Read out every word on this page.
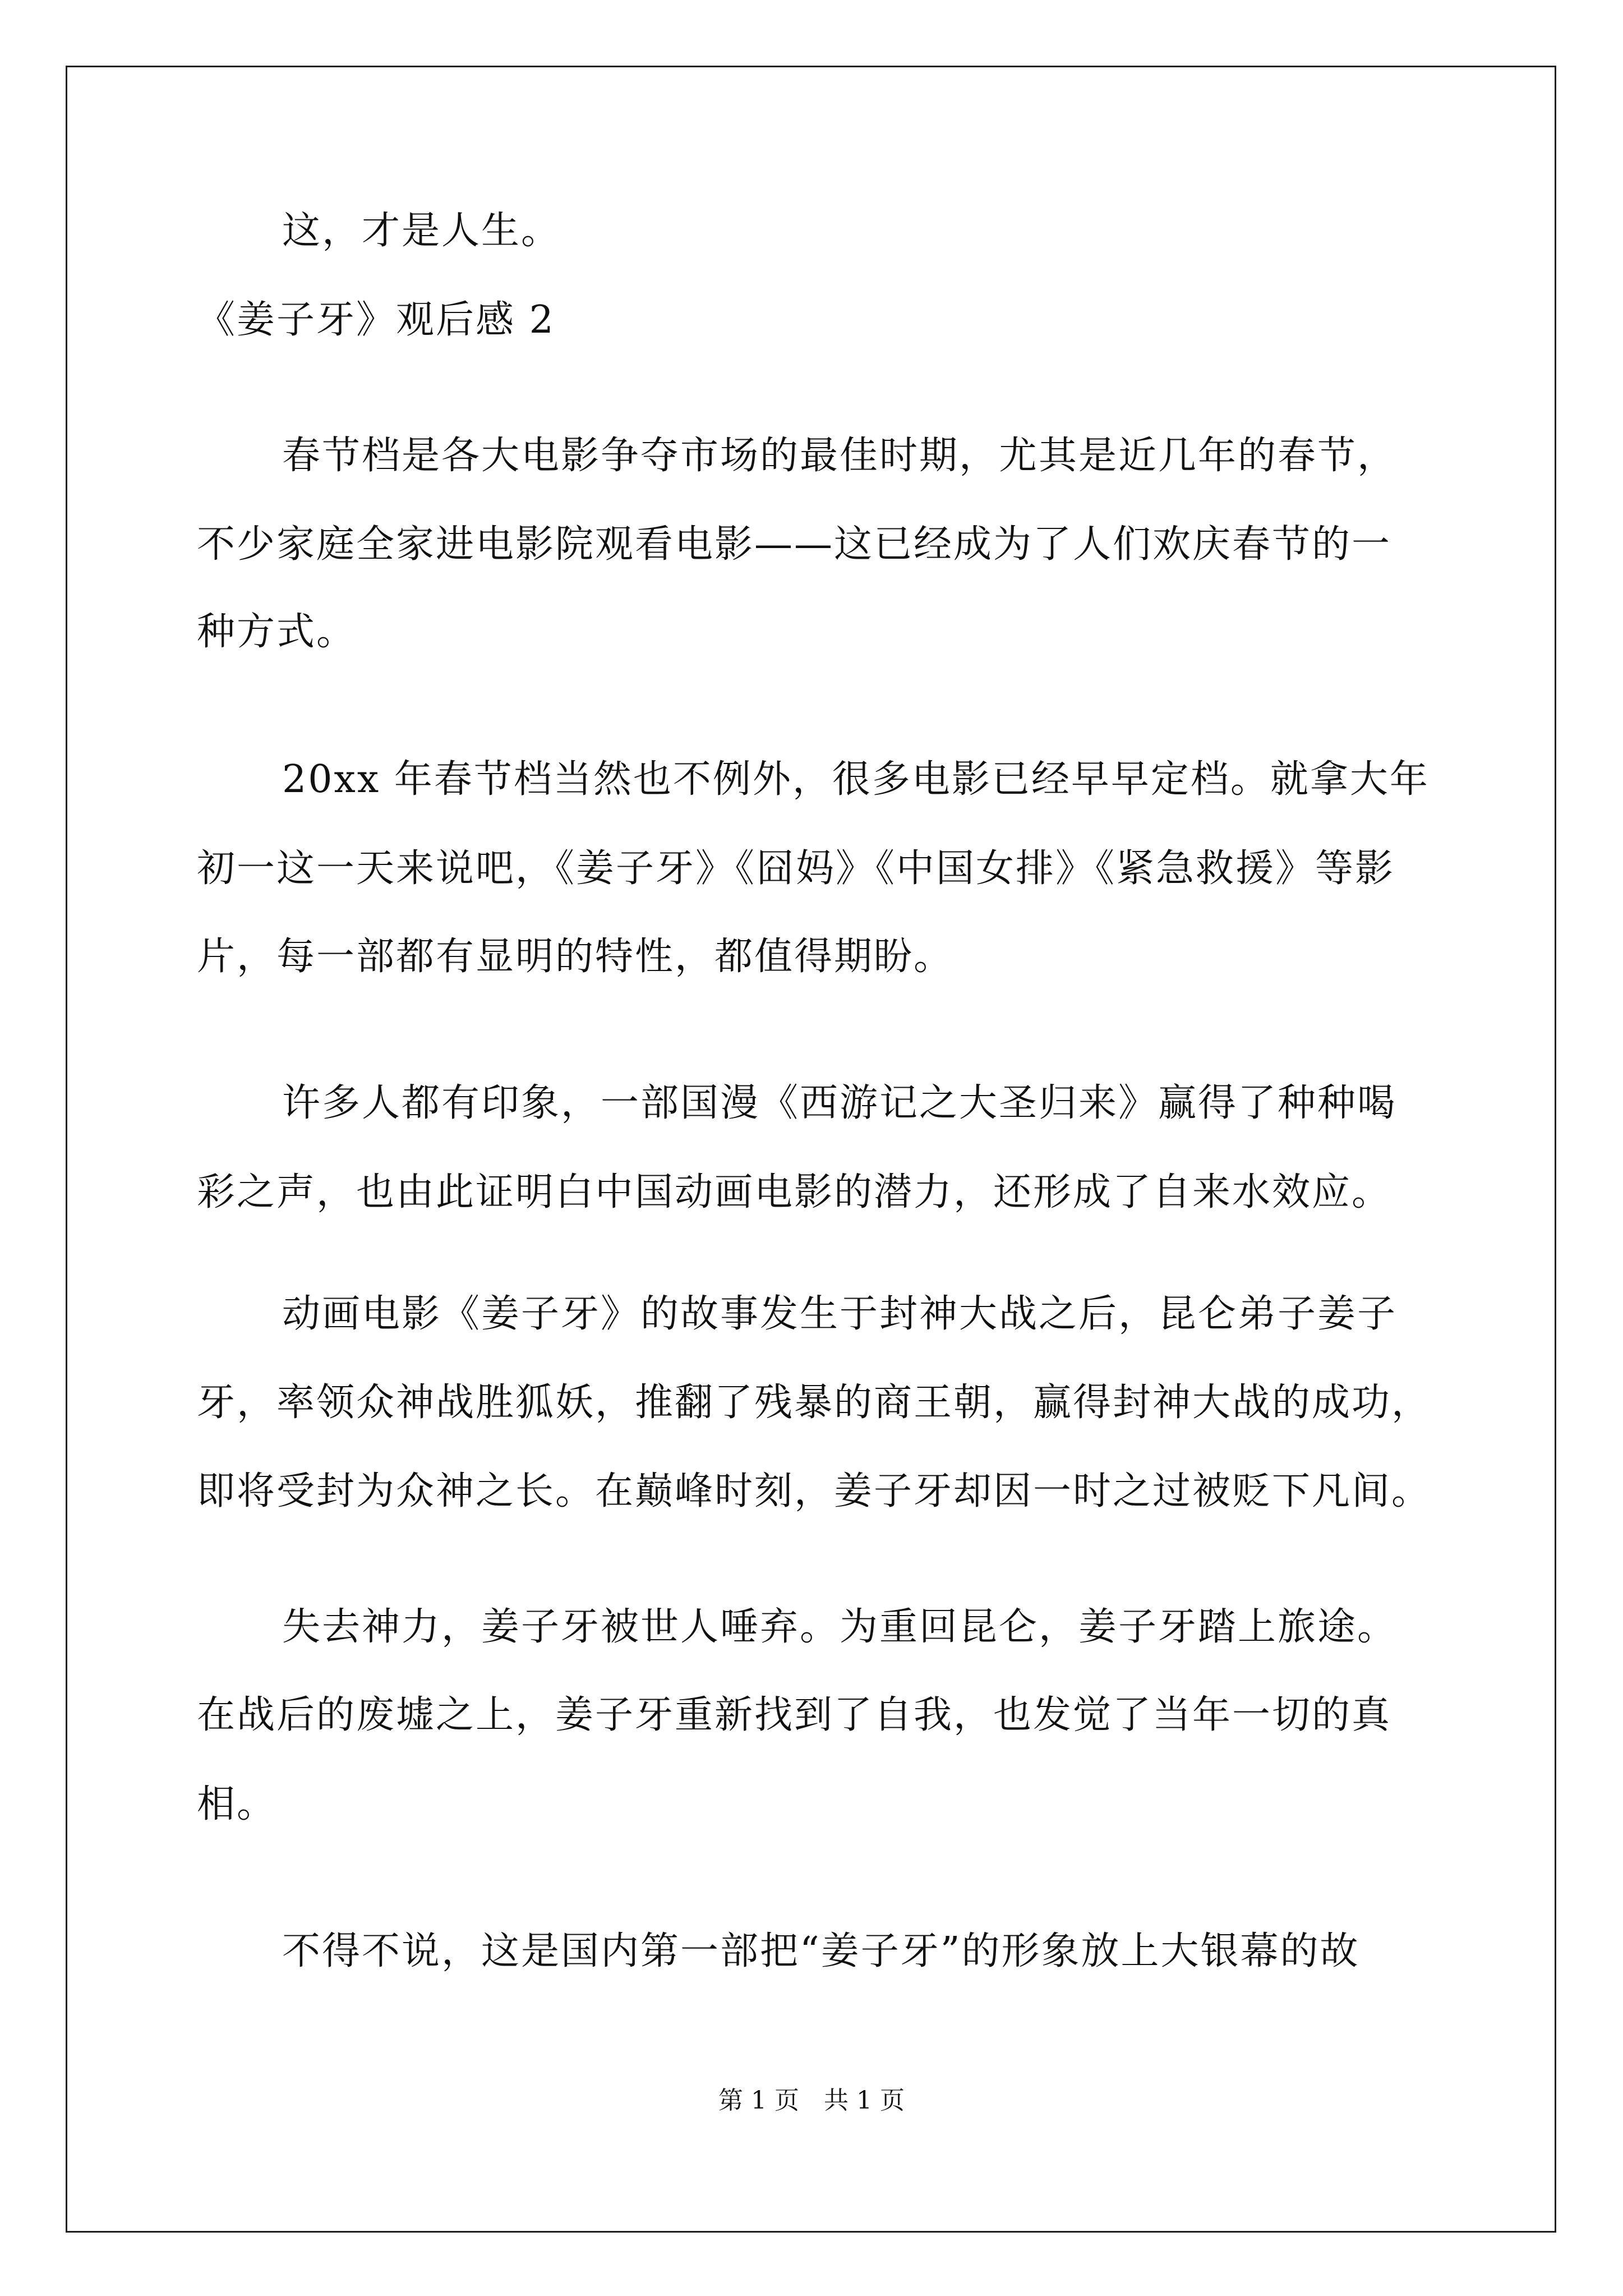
这，才是人生。
《姜子牙》观后感 2
春节档是各大电影争夺市场的最佳时期，尤其是近几年的春节，
不少家庭全家进电影院观看电影——这已经成为了人们欢庆春节的一
种方式。
20xx 年春节档当然也不例外，很多电影已经早早定档。就拿大年
初一这一天来说吧，《姜子牙》《囧妈》《中国女排》《紧急救援》等影
片，每一部都有显明的特性，都值得期盼。
许多人都有印象，一部国漫《西游记之大圣归来》赢得了种种喝
彩之声，也由此证明白中国动画电影的潜力，还形成了自来水效应。
动画电影《姜子牙》的故事发生于封神大战之后，昆仑弟子姜子
牙，率领众神战胜狐妖，推翻了残暴的商王朝，赢得封神大战的成功，
即将受封为众神之长。在巅峰时刻，姜子牙却因一时之过被贬下凡间。
失去神力，姜子牙被世人唾弃。为重回昆仑，姜子牙踏上旅途。
在战后的废墟之上，姜子牙重新找到了自我，也发觉了当年一切的真
相。
不得不说，这是国内第一部把“姜子牙”的形象放上大银幕的故
第 1 页　共 1 页
